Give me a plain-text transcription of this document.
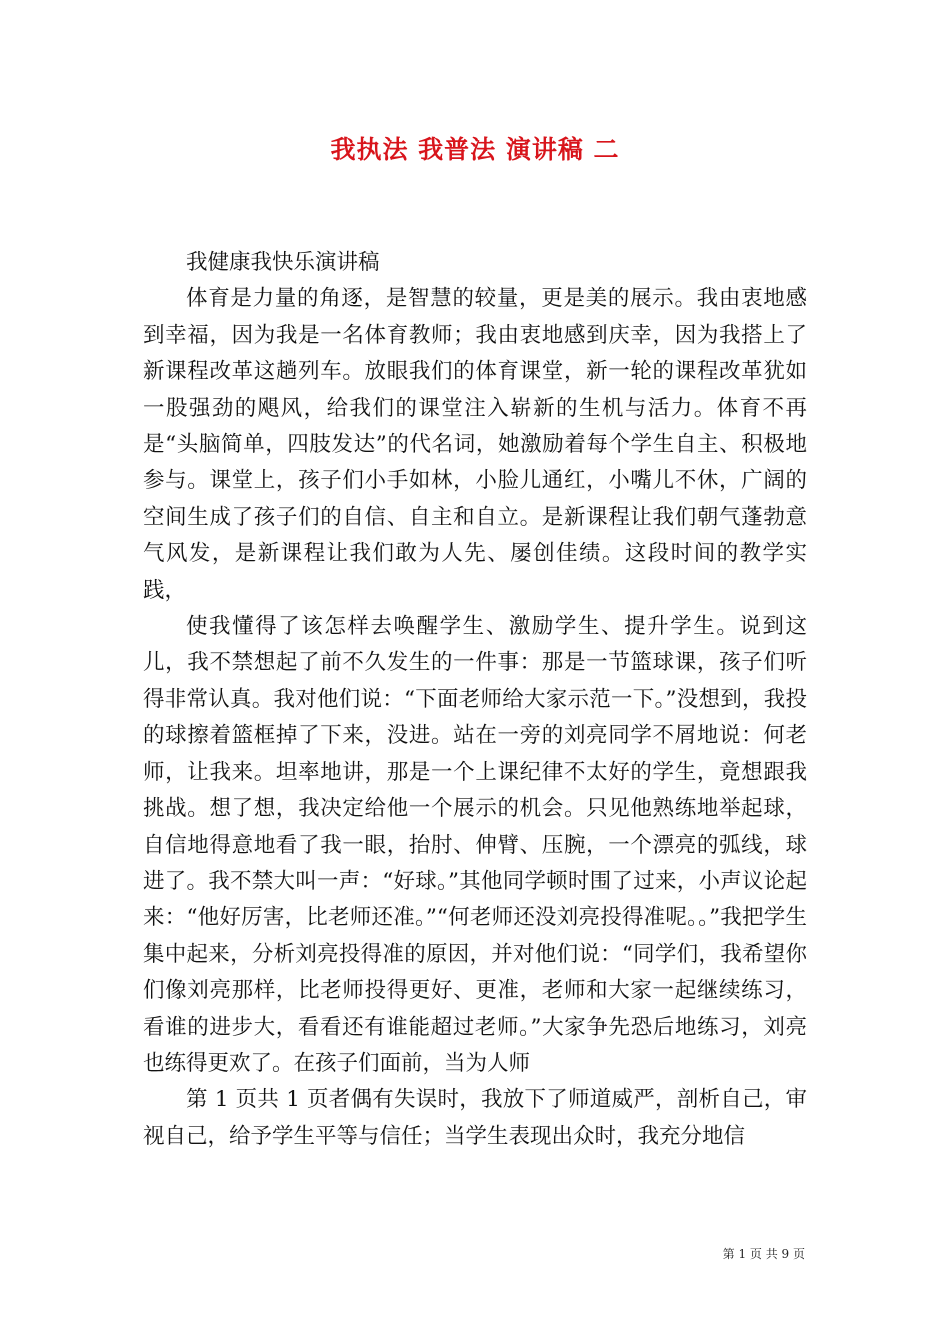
我执法 我普法 演讲稿 二

我健康我快乐演讲稿

体育是力量的角逐，是智慧的较量，更是美的展示。我由衷地感到幸福，因为我是一名体育教师；我由衷地感到庆幸，因为我搭上了新课程改革这趟列车。放眼我们的体育课堂，新一轮的课程改革犹如一股强劲的飓风，给我们的课堂注入崭新的生机与活力。体育不再是“头脑简单，四肢发达”的代名词，她激励着每个学生自主、积极地参与。课堂上，孩子们小手如林，小脸儿通红，小嘴儿不休，广阔的空间生成了孩子们的自信、自主和自立。是新课程让我们朝气蓬勃意气风发，是新课程让我们敢为人先、屡创佳绩。这段时间的教学实践，

使我懂得了该怎样去唤醒学生、激励学生、提升学生。说到这儿，我不禁想起了前不久发生的一件事：那是一节篮球课，孩子们听得非常认真。我对他们说：“下面老师给大家示范一下。”没想到，我投的球擦着篮框掉了下来，没进。站在一旁的刘亮同学不屑地说：何老师，让我来。坦率地讲，那是一个上课纪律不太好的学生，竟想跟我挑战。想了想，我决定给他一个展示的机会。只见他熟练地举起球，自信地得意地看了我一眼，抬肘、伸臂、压腕，一个漂亮的弧线，球进了。我不禁大叫一声：“好球。”其他同学顿时围了过来，小声议论起来：“他好厉害，比老师还准。”“何老师还没刘亮投得准呢。。”我把学生集中起来，分析刘亮投得准的原因，并对他们说：“同学们，我希望你们像刘亮那样，比老师投得更好、更准，老师和大家一起继续练习，看谁的进步大，看看还有谁能超过老师。”大家争先恐后地练习，刘亮也练得更欢了。在孩子们面前，当为人师

第 1 页共 1 页者偶有失误时，我放下了师道威严，剖析自己，审视自己，给予学生平等与信任；当学生表现出众时，我充分地信

第 1 页 共 9 页
